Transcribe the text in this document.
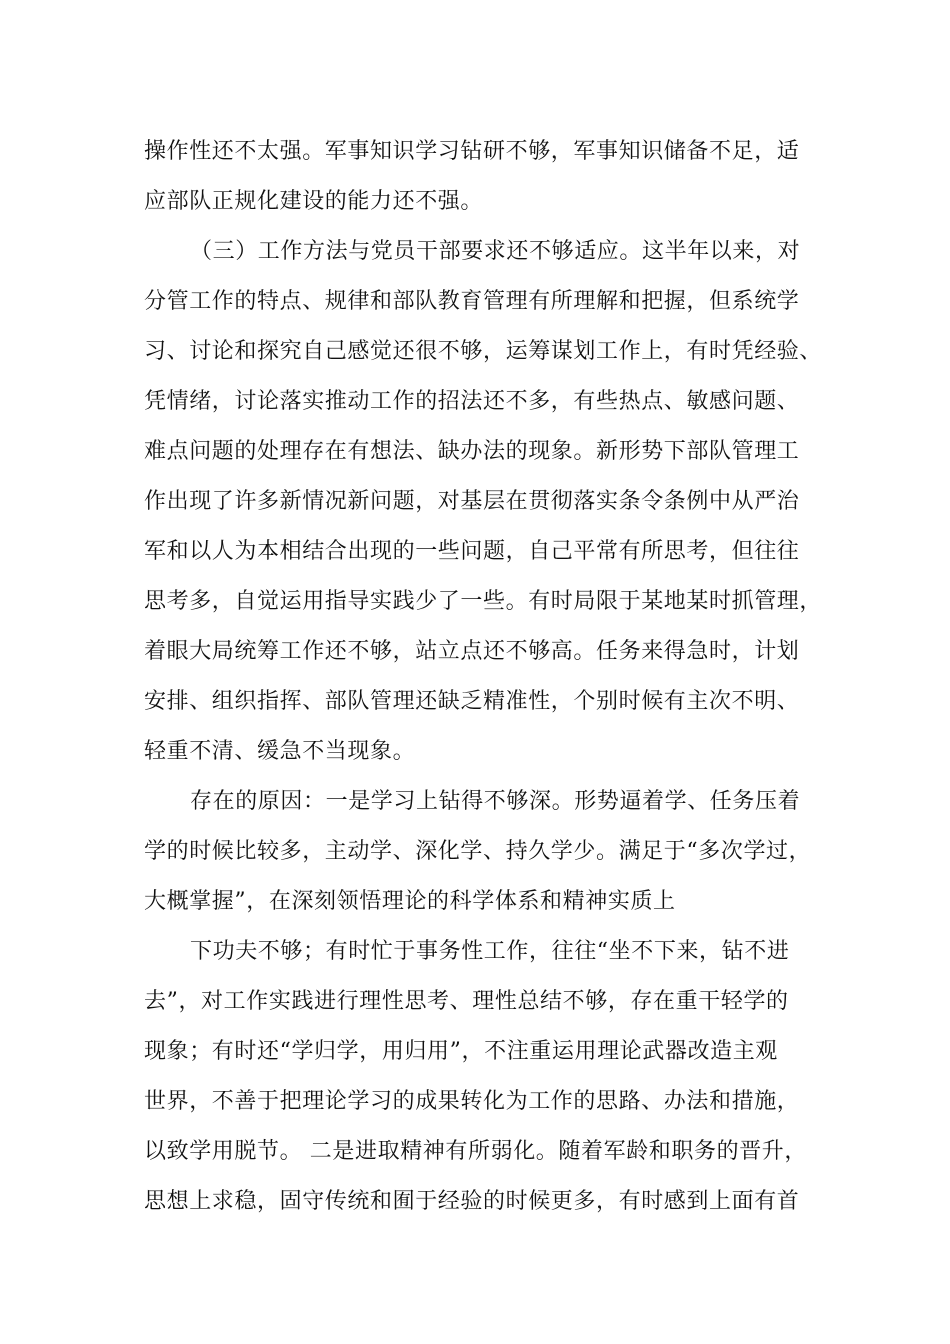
操作性还不太强。军事知识学习钻研不够，军事知识储备不足，适
应部队正规化建设的能力还不强。
（三）工作方法与党员干部要求还不够适应。这半年以来，对
分管工作的特点、规律和部队教育管理有所理解和把握，但系统学
习、讨论和探究自己感觉还很不够，运筹谋划工作上，有时凭经验、
凭情绪，讨论落实推动工作的招法还不多，有些热点、敏感问题、
难点问题的处理存在有想法、缺办法的现象。新形势下部队管理工
作出现了许多新情况新问题，对基层在贯彻落实条令条例中从严治
军和以人为本相结合出现的一些问题，自己平常有所思考，但往往
思考多，自觉运用指导实践少了一些。有时局限于某地某时抓管理，
着眼大局统筹工作还不够，站立点还不够高。任务来得急时，计划
安排、组织指挥、部队管理还缺乏精准性，个别时候有主次不明、
轻重不清、缓急不当现象。
存在的原因：一是学习上钻得不够深。形势逼着学、任务压着
学的时候比较多，主动学、深化学、持久学少。满足于“多次学过，
大概掌握”，在深刻领悟理论的科学体系和精神实质上
下功夫不够；有时忙于事务性工作，往往“坐不下来，钻不进
去”，对工作实践进行理性思考、理性总结不够，存在重干轻学的
现象；有时还“学归学，用归用”，不注重运用理论武器改造主观
世界，不善于把理论学习的成果转化为工作的思路、办法和措施，
以致学用脱节。 二是进取精神有所弱化。随着军龄和职务的晋升，
思想上求稳，固守传统和囿于经验的时候更多，有时感到上面有首
